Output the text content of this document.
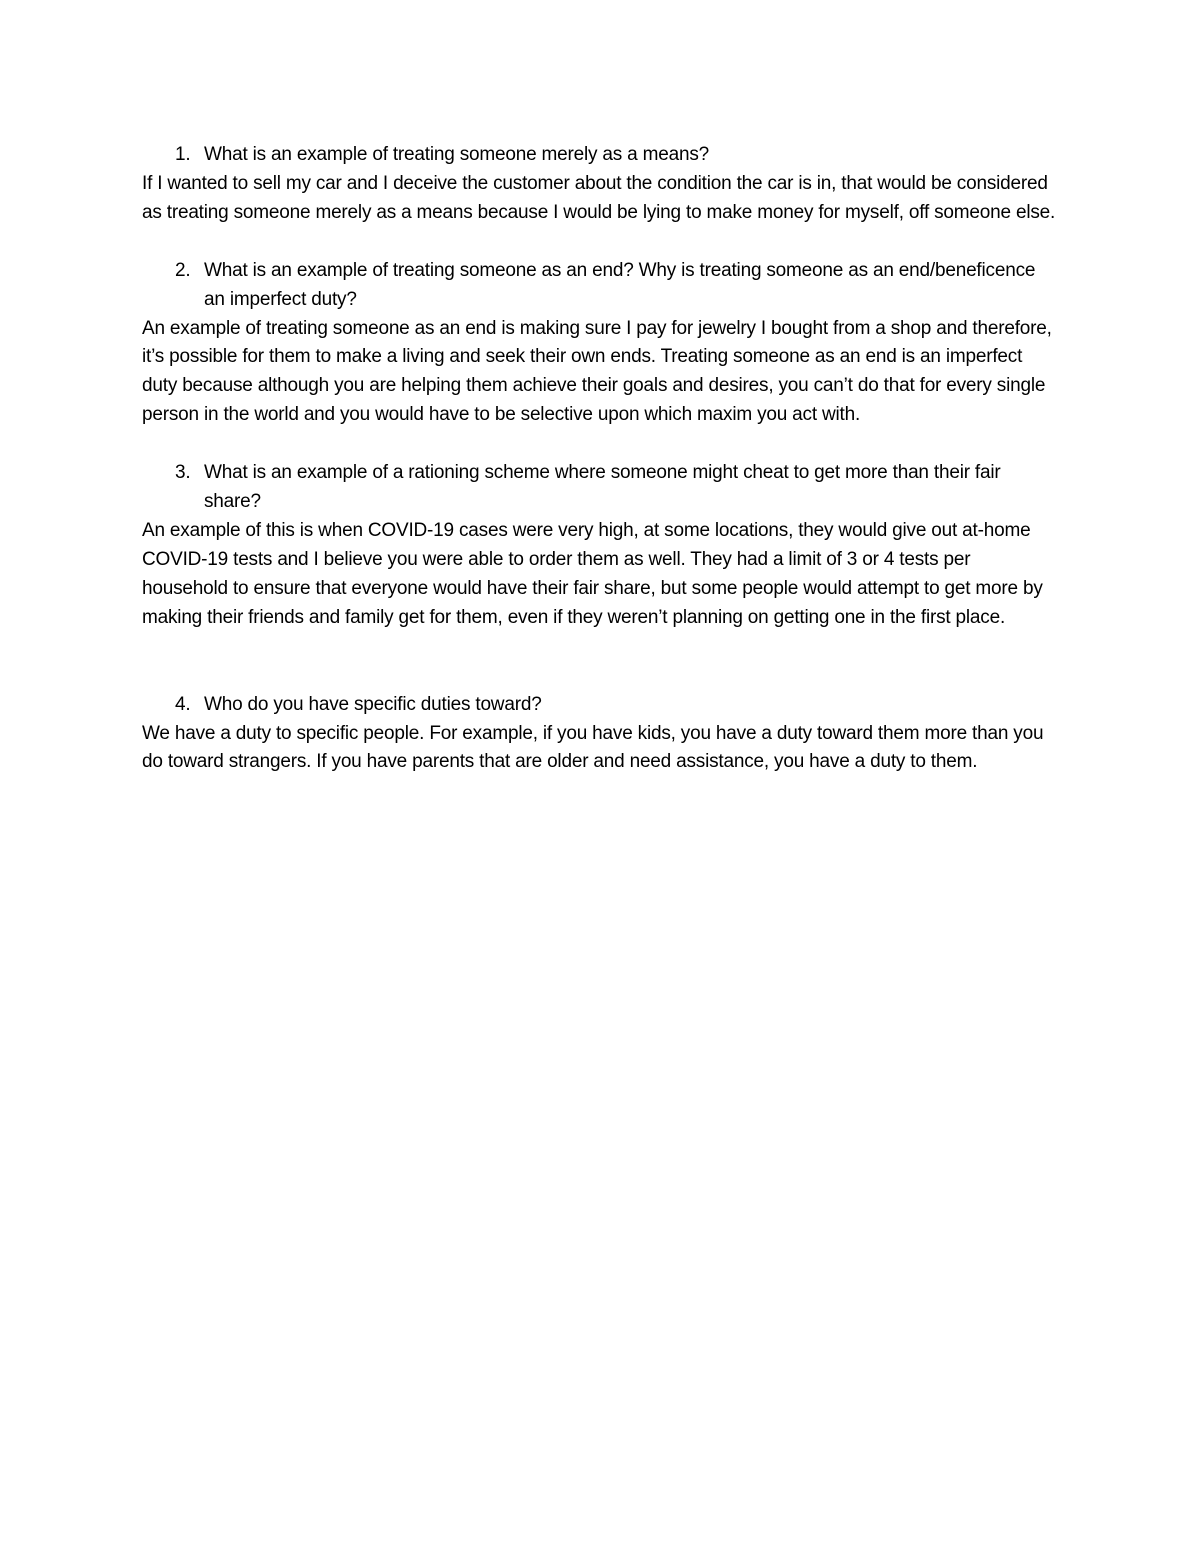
1. What is an example of treating someone merely as a means?

If I wanted to sell my car and I deceive the customer about the condition the car is in, that would be considered as treating someone merely as a means because I would be lying to make money for myself, off someone else.

2. What is an example of treating someone as an end? Why is treating someone as an end/beneficence an imperfect duty?

An example of treating someone as an end is making sure I pay for jewelry I bought from a shop and therefore, it’s possible for them to make a living and seek their own ends. Treating someone as an end is an imperfect duty because although you are helping them achieve their goals and desires, you can’t do that for every single person in the world and you would have to be selective upon which maxim you act with.

3. What is an example of a rationing scheme where someone might cheat to get more than their fair share?

An example of this is when COVID-19 cases were very high, at some locations, they would give out at-home COVID-19 tests and I believe you were able to order them as well. They had a limit of 3 or 4 tests per household to ensure that everyone would have their fair share, but some people would attempt to get more by making their friends and family get for them, even if they weren’t planning on getting one in the first place.

4. Who do you have specific duties toward?

We have a duty to specific people. For example, if you have kids, you have a duty toward them more than you do toward strangers. If you have parents that are older and need assistance, you have a duty to them.
